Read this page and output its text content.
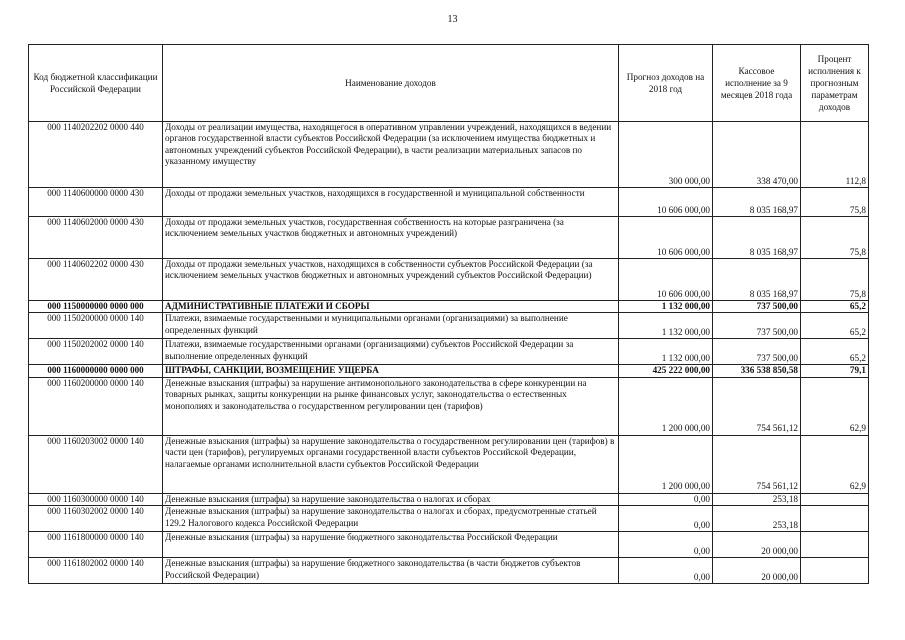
13
Код бюджетной классификации Российской Федерации	Наименование доходов	Прогноз доходов на 2018 год	Кассовое исполнение за 9 месяцев 2018 года	Процент исполнения к прогнозным параметрам доходов
000 1140202202 0000 440	Доходы от реализации имущества, находящегося в оперативном управлении учреждений, находящихся в ведении органов государственной власти субъектов Российской Федерации (за исключением имущества бюджетных и автономных учреждений субъектов Российской Федерации), в части реализации материальных запасов по указанному имуществу	300 000,00	338 470,00	112,8
000 1140600000 0000 430	Доходы от продажи земельных участков, находящихся в государственной и муниципальной собственности	10 606 000,00	8 035 168,97	75,8
000 1140602000 0000 430	Доходы от продажи земельных участков, государственная собственность на которые разграничена (за исключением земельных участков бюджетных и автономных учреждений)	10 606 000,00	8 035 168,97	75,8
000 1140602202 0000 430	Доходы от продажи земельных участков, находящихся в собственности субъектов Российской Федерации (за исключением земельных участков бюджетных и автономных учреждений субъектов Российской Федерации)	10 606 000,00	8 035 168,97	75,8
000 1150000000 0000 000	АДМИНИСТРАТИВНЫЕ ПЛАТЕЖИ И СБОРЫ	1 132 000,00	737 500,00	65,2
000 1150200000 0000 140	Платежи, взимаемые государственными и муниципальными органами (организациями) за выполнение определенных функций	1 132 000,00	737 500,00	65,2
000 1150202002 0000 140	Платежи, взимаемые государственными органами (организациями) субъектов Российской Федерации за выполнение определенных функций	1 132 000,00	737 500,00	65,2
000 1160000000 0000 000	ШТРАФЫ, САНКЦИИ, ВОЗМЕЩЕНИЕ УЩЕРБА	425 222 000,00	336 538 850,58	79,1
000 1160200000 0000 140	Денежные взыскания (штрафы) за нарушение антимонопольного законодательства в сфере конкуренции на товарных рынках, защиты конкуренции на рынке финансовых услуг, законодательства о естественных монополиях и законодательства о государственном регулировании цен (тарифов)	1 200 000,00	754 561,12	62,9
000 1160203002 0000 140	Денежные взыскания (штрафы) за нарушение законодательства о государственном регулировании цен (тарифов) в части цен (тарифов), регулируемых органами государственной власти субъектов Российской Федерации, налагаемые органами исполнительной власти субъектов Российской Федерации	1 200 000,00	754 561,12	62,9
000 1160300000 0000 140	Денежные взыскания (штрафы) за нарушение законодательства о налогах и сборах	0,00	253,18	
000 1160302002 0000 140	Денежные взыскания (штрафы) за нарушение законодательства о налогах и сборах, предусмотренные статьей 129.2 Налогового кодекса Российской Федерации	0,00	253,18	
000 1161800000 0000 140	Денежные взыскания (штрафы) за нарушение бюджетного законодательства Российской Федерации	0,00	20 000,00	
000 1161802002 0000 140	Денежные взыскания (штрафы) за нарушение бюджетного законодательства (в части бюджетов субъектов Российской Федерации)	0,00	20 000,00	
